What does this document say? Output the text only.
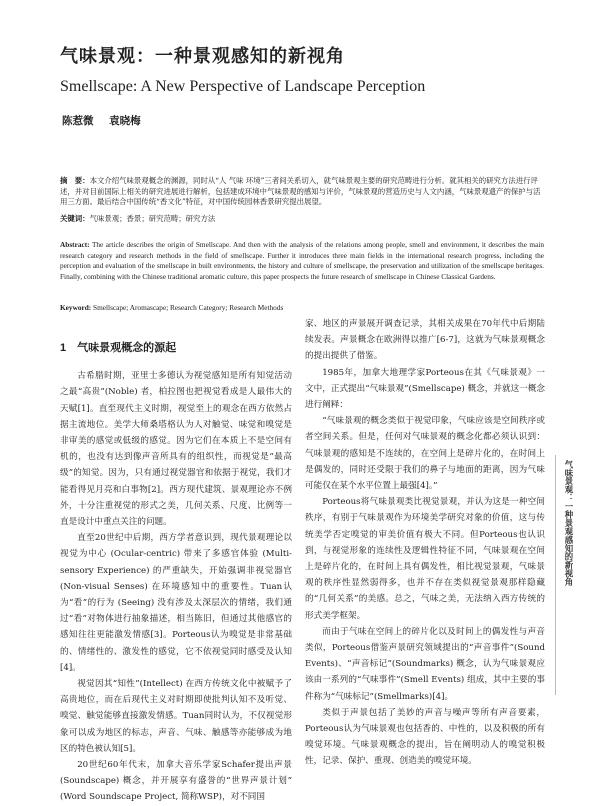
气味景观：一种景观感知的新视角
Smellscape: A New Perspective of Landscape Perception
陈惹微 袁晓梅
摘　要：本文介绍气味景观概念的渊源，同时从“人 气味 环境”三者间关系切入，就气味景观主要的研究范畴进行分析。就其相关的研究方法进行评述，并对目前国际上相关的研究进展进行解析，包括建成环境中气味景观的感知与评价，气味景观的营造历史与人文内涵，气味景观遗产的保护与活用三方面。最后结合中国传统“香文化”特征，对中国传统园林香景研究提出展望。
关键词：气味景观；香景；研究范畴；研究方法
Abstract: The article describes the origin of Smellscape. And then with the analysis of the relations among people, smell and environment, it describes the main research category and research methods in the field of smellscape. Further it introduces three main fields in the international research progress, including the perception and evaluation of the smellscape in built environments, the history and culture of smellscape, the preservation and utilization of the smellscape heritages. Finally, combining with the Chinese traditional aromatic culture, this paper prospects the future research of smellscape in Chinese Classical Gardens.
Keyword: Smellscape; Aromascape; Research Category; Research Methods

1　气味景观概念的源起

古希腊时期，亚里士多德认为视觉感知是所有知觉活动之最“高贵”(Noble) 者，柏拉图也把视觉看成是人最伟大的天赋[1]。直至现代主义时期，视觉至上的观念在西方依然占据主流地位。美学大师桑塔格认为人对触觉、味觉和嗅觉是非审美的感觉或低级的感觉。因为它们在本质上不是空间有机的，也没有达到像声音所具有的组织性，而视觉是“最高级”的知觉。因为，只有通过视觉器官和依据于视觉，我们才能看得见月亮和白事物[2]。西方现代建筑、景观理论亦不例外，十分注重视觉的形式之美，几何关系、尺度、比例等一直是设计中重点关注的问题。

直至20世纪中后期，西方学者意识到，现代景观理论以视觉为中心 (Ocular-centric) 带来了多感官体验 (Multi-sensory Experience) 的严重缺失，开始强调非视觉器官 (Non-visual Senses) 在环境感知中的重要性。Tuan认为“看”的行为 (Seeing) 没有涉及太深层次的情绪，我们通过“看”对物体进行抽象描述，相当陈旧，但通过其他感官的感知往往更能激发情感[3]。Porteous认为嗅觉是非常基础的、情绪性的、激发性的感觉，它不依视觉同时感受及认知[4]。

视觉因其“知性”(Intellect) 在西方传统文化中被赋予了高贵地位，而在后现代主义对时期即使批判认知不及听觉、嗅觉、触觉能够直接激发情感。Tuan同时认为，不仅视觉形象可以成为地区的标志，声音、气味、触感等亦能够成为地区的特色被认知[5]。

20世纪60年代末，加拿大音乐学家Schafer提出声景 (Soundscape) 概念，并开展享有盛誉的“世界声景计划” (Word Soundscape Project, 简称WSP)，对不同国

家、地区的声景展开调查记录，其相关成果在70年代中后期陆续发表。声景概念在欧洲得以推广[6-7]，这就为气味景观概念的提出提供了借鉴。

1985年，加拿大地理学家Porteous在其《气味景观》一文中，正式提出“气味景观”(Smellscape) 概念，并就这一概念进行阐释：

“气味景观的概念类似于视觉印象，气味应该是空间秩序或者空间关系。但是，任何对气味景观的概念化都必须认识到：气味景观的感知是不连续的，在空间上是碎片化的，在时间上是偶发的，同时还受限于我们的鼻子与地面的距离，因为气味可能仅在某个水平位置上最强[4]。”

Porteous将气味景观类比视觉景观，并认为这是一种空间秩序，有别于气味景观作为环境美学研究对象的价值，这与传统美学否定嗅觉的审美价值有极大不同。但Porteous也认识到，与视觉形象的连续性及逻辑性特征不同，气味景观在空间上是碎片化的，在时间上具有偶发性，相比视觉景观，气味景观的秩序性显然弱得多，也并不存在类似视觉景观那样隐藏的“几何关系”的美感。总之，气味之美，无法纳入西方传统的形式美学框架。

而由于气味在空间上的碎片化以及时间上的偶发性与声音类似，Porteous借鉴声景研究领域提出的“声音事件”(Sound Events)、“声音标记”(Soundmarks) 概念，认为气味景观应该由一系列的“气味事件”(Smell Events) 组成，其中主要的事件称为“气味标记”(Smellmarks)[4]。

类似于声景包括了美妙的声音与噪声等所有声音要素，Porteous认为气味景观也包括香的、中性的，以及积极的所有嗅觉环境。气味景观概念的提出，旨在阐明动人的嗅觉积极性，记录、保护、重现、创造美的嗅觉环境。

气味景观：一种景观感知的新视角
